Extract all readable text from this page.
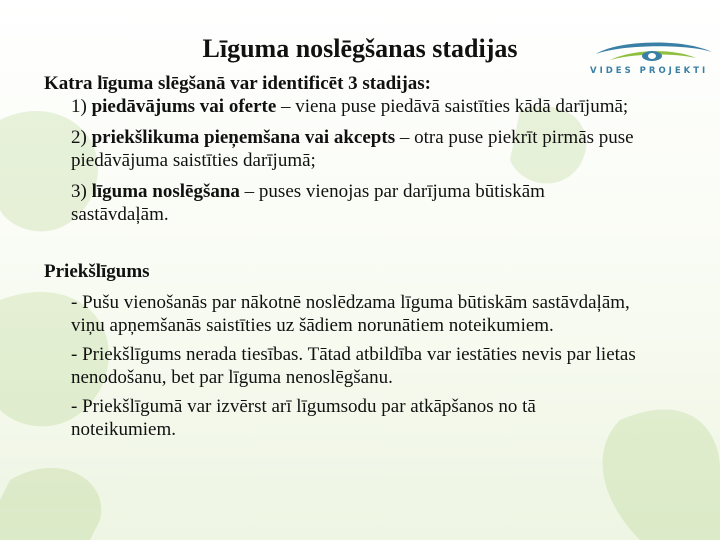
VIDES PROJEKTI
Līguma noslēgšanas stadijas
Katra līguma slēgšanā var identificēt 3 stadijas:
1) piedāvājums vai oferte – viena puse piedāvā saistīties kādā darījumā;
2) priekšlikuma pieņemšana vai akcepts – otra puse piekrīt pirmās puse piedāvājuma saistīties darījumā;
3) līguma noslēgšana – puses vienojas par darījuma būtiskām sastāvdaļām.
Priekšlīgums
- Pušu vienošanās par nākotnē noslēdzama līguma būtiskām sastāvdaļām, viņu apņemšanās saistīties uz šādiem norunātiem noteikumiem.
- Priekšlīgums nerada tiesības. Tātad atbildība var iestāties nevis par lietas nenodošanu, bet par līguma nenoslēgšanu.
- Priekšlīgumā var izvērst arī līgumsodu par atkāpšanos no tā noteikumiem.
